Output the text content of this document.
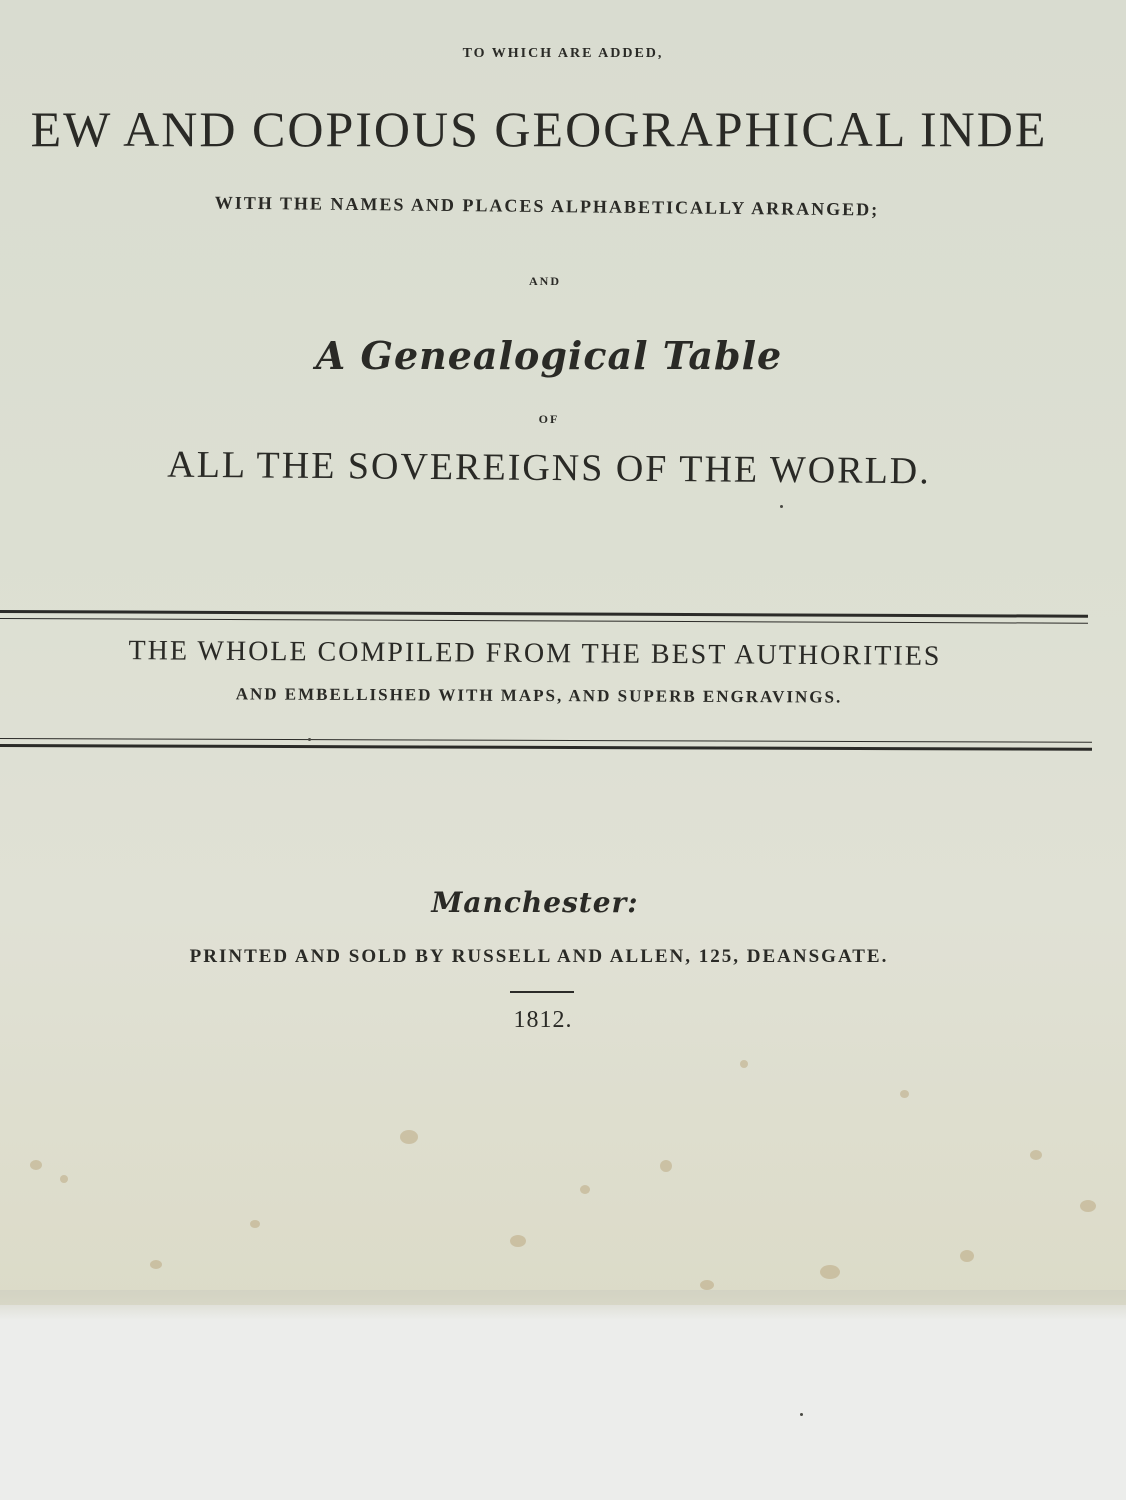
TO WHICH ARE ADDED,
EW AND COPIOUS GEOGRAPHICAL INDE
WITH THE NAMES AND PLACES ALPHABETICALLY ARRANGED;
AND
A Genealogical Table
OF
ALL THE SOVEREIGNS OF THE WORLD.
THE WHOLE COMPILED FROM THE BEST AUTHORITIES
AND EMBELLISHED WITH MAPS, AND SUPERB ENGRAVINGS.
Manchester:
PRINTED AND SOLD BY RUSSELL AND ALLEN, 125, DEANSGATE.
1812.
